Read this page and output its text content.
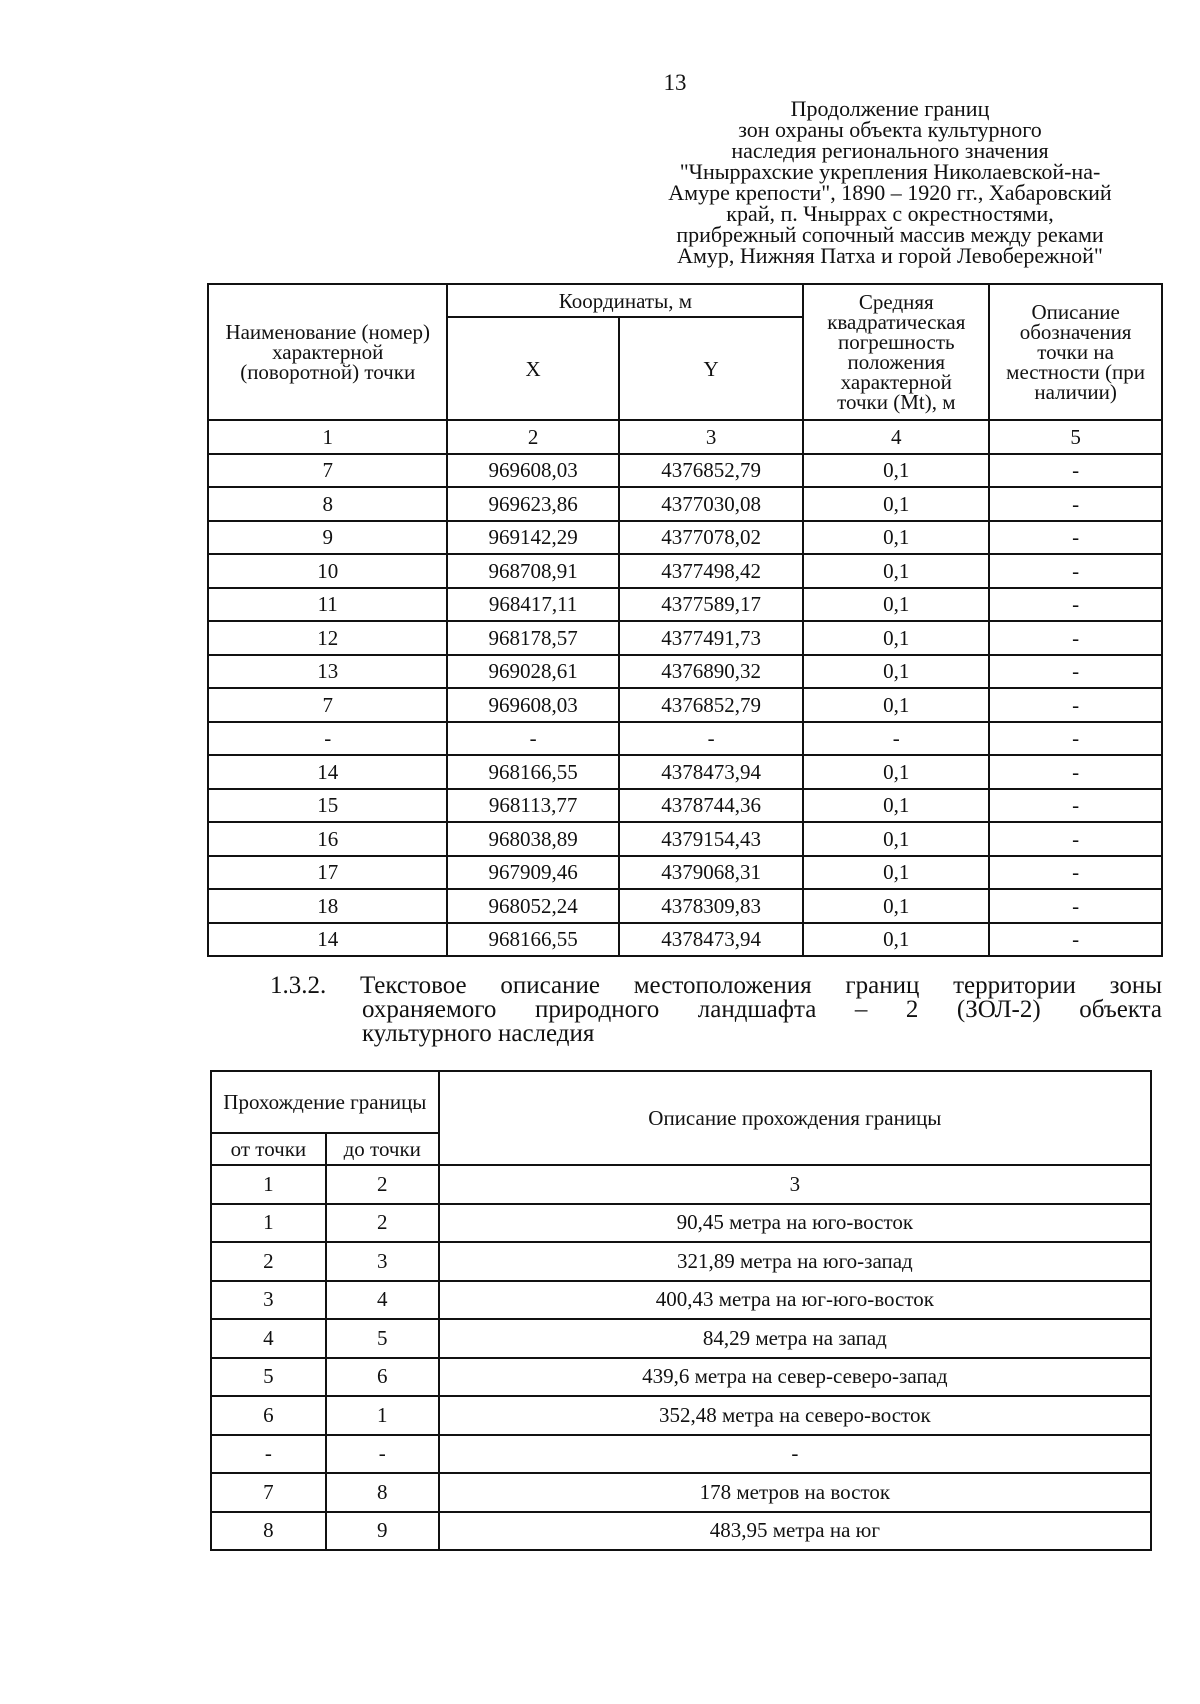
13
Продолжение границ
зон охраны объекта культурного
наследия регионального значения
"Чныррахские укрепления Николаевской-на-
Амуре крепости", 1890 – 1920 гг., Хабаровский
край, п. Чныррах с окрестностями,
прибрежный сопочный массив между реками
Амур, Нижняя Патха и горой Левобережной"
Наименование (номер) характерной (поворотной) точки	Координаты, м		Средняя квадратическая погрешность положения характерной точки (Mt), м	Описание обозначения точки на местности (при наличии)
	X	Y		
1	2	3	4	5
7	969608,03	4376852,79	0,1	-
8	969623,86	4377030,08	0,1	-
9	969142,29	4377078,02	0,1	-
10	968708,91	4377498,42	0,1	-
11	968417,11	4377589,17	0,1	-
12	968178,57	4377491,73	0,1	-
13	969028,61	4376890,32	0,1	-
7	969608,03	4376852,79	0,1	-
-	-	-	-	-
14	968166,55	4378473,94	0,1	-
15	968113,77	4378744,36	0,1	-
16	968038,89	4379154,43	0,1	-
17	967909,46	4379068,31	0,1	-
18	968052,24	4378309,83	0,1	-
14	968166,55	4378473,94	0,1	-
1.3.2. Текстовое описание местоположения границ территории зоны
охраняемого природного ландшафта – 2 (ЗОЛ-2) объекта
культурного наследия
Прохождение границы		Описание прохождения границы
от точки	до точки	
1	2	3
1	2	90,45 метра на юго-восток
2	3	321,89 метра на юго-запад
3	4	400,43 метра на юг-юго-восток
4	5	84,29 метра на запад
5	6	439,6 метра на север-северо-запад
6	1	352,48 метра на северо-восток
-	-	-
7	8	178 метров на восток
8	9	483,95 метра на юг
